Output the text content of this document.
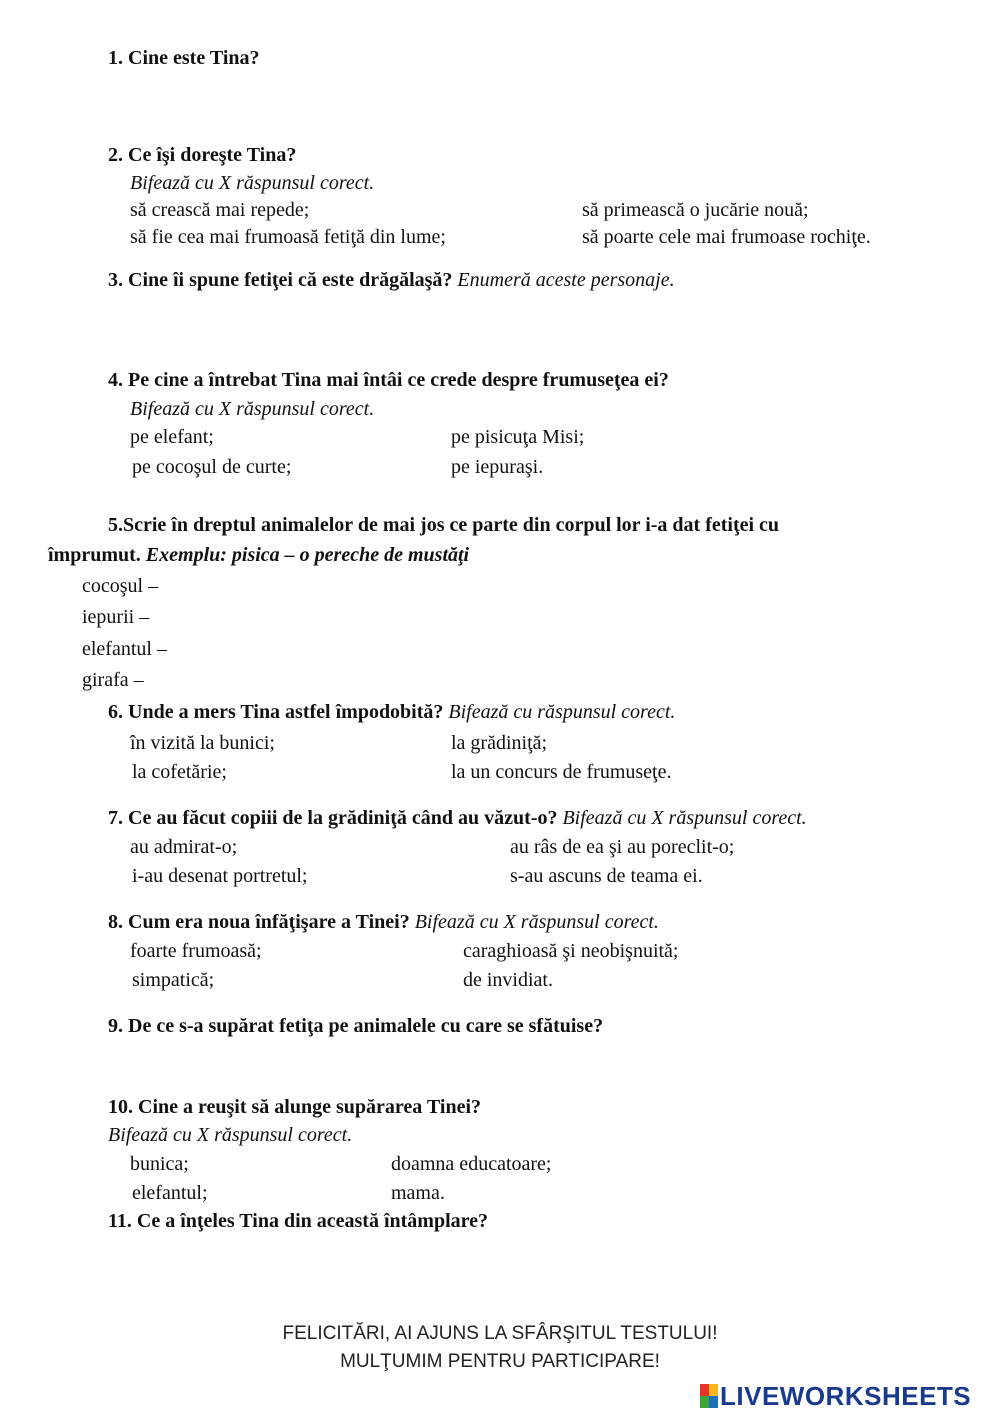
1. Cine este Tina?
2. Ce îşi doreşte Tina?
Bifează cu X răspunsul corect.
să crească mai repede;	să primească o jucărie nouă;
să fie cea mai frumoasă fetiţă din lume;	să poarte cele mai frumoase rochiţe.
3. Cine îi spune fetiţei că este drăgălaşă? Enumeră aceste personaje.
4. Pe cine a întrebat Tina mai întâi ce crede despre frumuseţea ei?
Bifează cu X răspunsul corect.
pe elefant;	pe pisicuţa Misi;
pe cocoşul de curte;	pe iepuraşi.
5.Scrie în dreptul animalelor de mai jos ce parte din corpul lor i-a dat fetiţei cu
împrumut. Exemplu: pisica – o pereche de mustăţi
cocoşul –
iepurii –
elefantul –
girafa –
6. Unde a mers Tina astfel împodobită? Bifează cu răspunsul corect.
în vizită la bunici;	la grădiniţă;
la cofetărie;	la un concurs de frumuseţe.
7. Ce au făcut copiii de la grădiniţă când au văzut-o? Bifează cu X răspunsul corect.
au admirat-o;	au râs de ea şi au poreclit-o;
i-au desenat portretul;	s-au ascuns de teama ei.
8. Cum era noua înfăţişare a Tinei? Bifează cu X răspunsul corect.
foarte frumoasă;	caraghioasă şi neobişnuită;
simpatică;	de invidiat.
9. De ce s-a supărat fetiţa pe animalele cu care se sfătuise?
10. Cine a reuşit să alunge supărarea Tinei?
Bifează cu X răspunsul corect.
bunica;	doamna educatoare;
elefantul;	mama.
11. Ce a înţeles Tina din această întâmplare?
FELICITĂRI, AI AJUNS LA SFÂRŞITUL TESTULUI!
MULŢUMIM PENTRU PARTICIPARE!
LIVEWORKSHEETS
